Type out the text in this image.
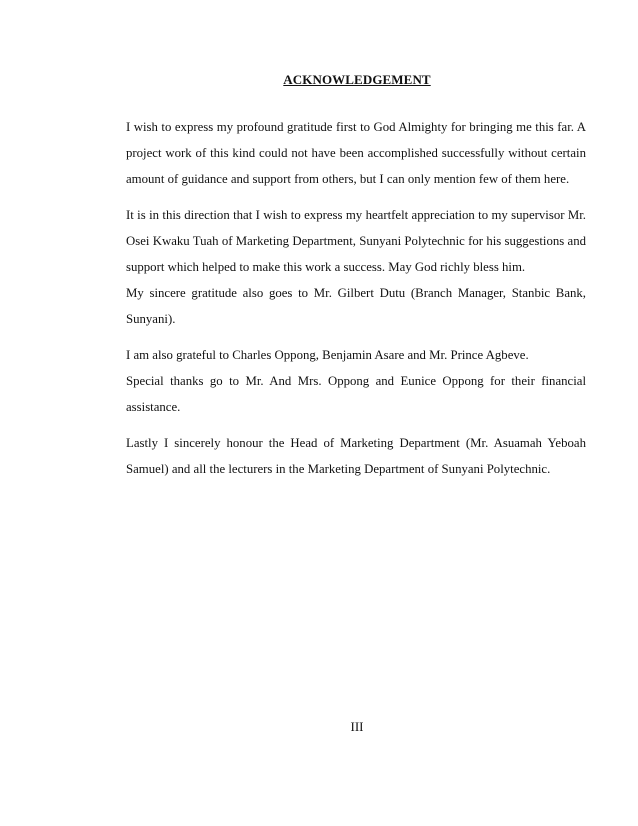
ACKNOWLEDGEMENT

I wish to express my profound gratitude first to God Almighty for bringing me this far. A project work of this kind could not have been accomplished successfully without certain amount of guidance and support from others, but I can only mention few of them here.

It is in this direction that I wish to express my heartfelt appreciation to my supervisor Mr. Osei Kwaku Tuah of Marketing Department, Sunyani Polytechnic for his suggestions and support which helped to make this work a success. May God richly bless him.

My sincere gratitude also goes to Mr. Gilbert Dutu (Branch Manager, Stanbic Bank, Sunyani).

I am also grateful to Charles Oppong, Benjamin Asare and Mr. Prince Agbeve.

Special thanks go to Mr. And Mrs. Oppong and Eunice Oppong for their financial assistance.

Lastly I sincerely honour the Head of Marketing Department (Mr. Asuamah Yeboah Samuel) and all the lecturers in the Marketing Department of Sunyani Polytechnic.

III
